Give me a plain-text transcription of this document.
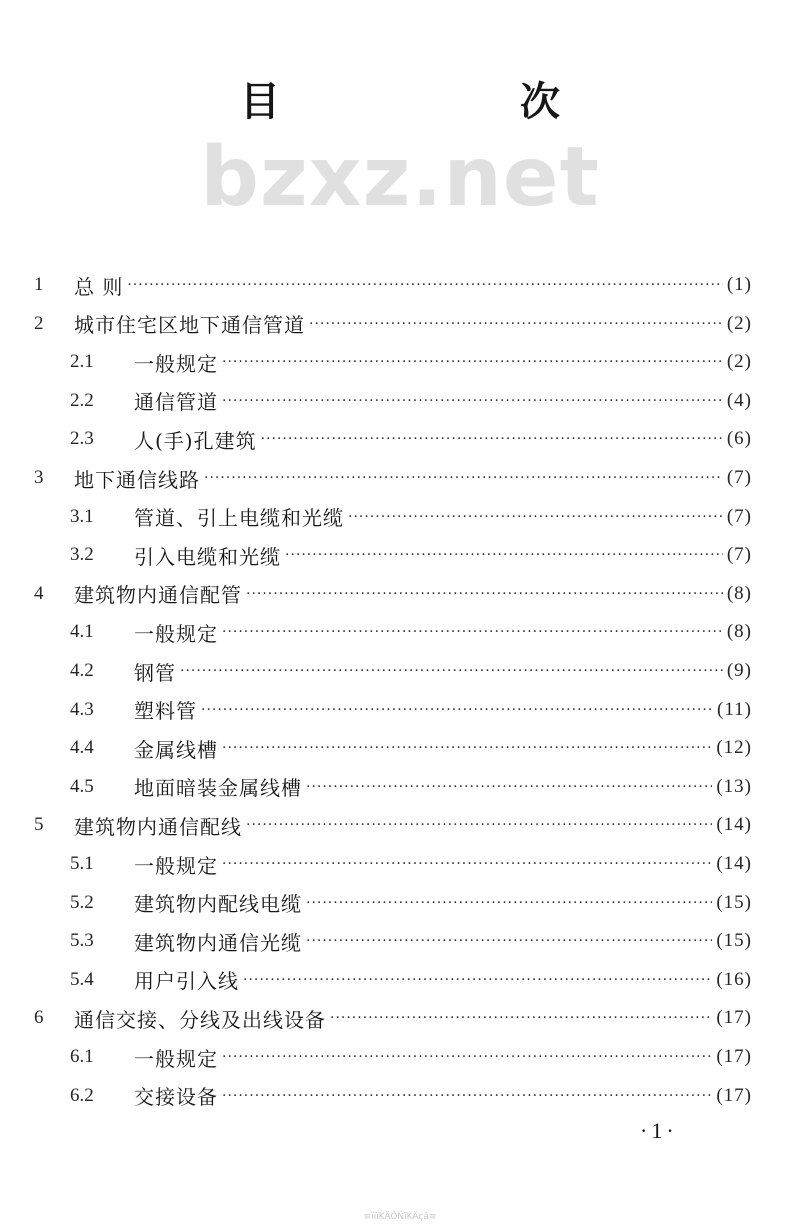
目　次
bzxz.net
1	总 则 ·····	(1)
2	城市住宅区地下通信管道 ·····	(2)
2.1	一般规定 ·····	(2)
2.2	通信管道 ·····	(4)
2.3	人(手)孔建筑 ·····	(6)
3	地下通信线路 ·····	(7)
3.1	管道、引上电缆和光缆 ·····	(7)
3.2	引入电缆和光缆 ·····	(7)
4	建筑物内通信配管 ·····	(8)
4.1	一般规定 ·····	(8)
4.2	钢管 ·····	(9)
4.3	塑料管 ·····	(11)
4.4	金属线槽 ·····	(12)
4.5	地面暗装金属线槽 ·····	(13)
5	建筑物内通信配线 ·····	(14)
5.1	一般规定 ·····	(14)
5.2	建筑物内配线电缆 ·····	(15)
5.3	建筑物内通信光缆 ·····	(15)
5.4	用户引入线 ·····	(16)
6	通信交接、分线及出线设备 ·····	(17)
6.1	一般规定 ·····	(17)
6.2	交接设备 ·····	(17)
·1·
≡ïïïKÄÕÑïKÄçã≡
